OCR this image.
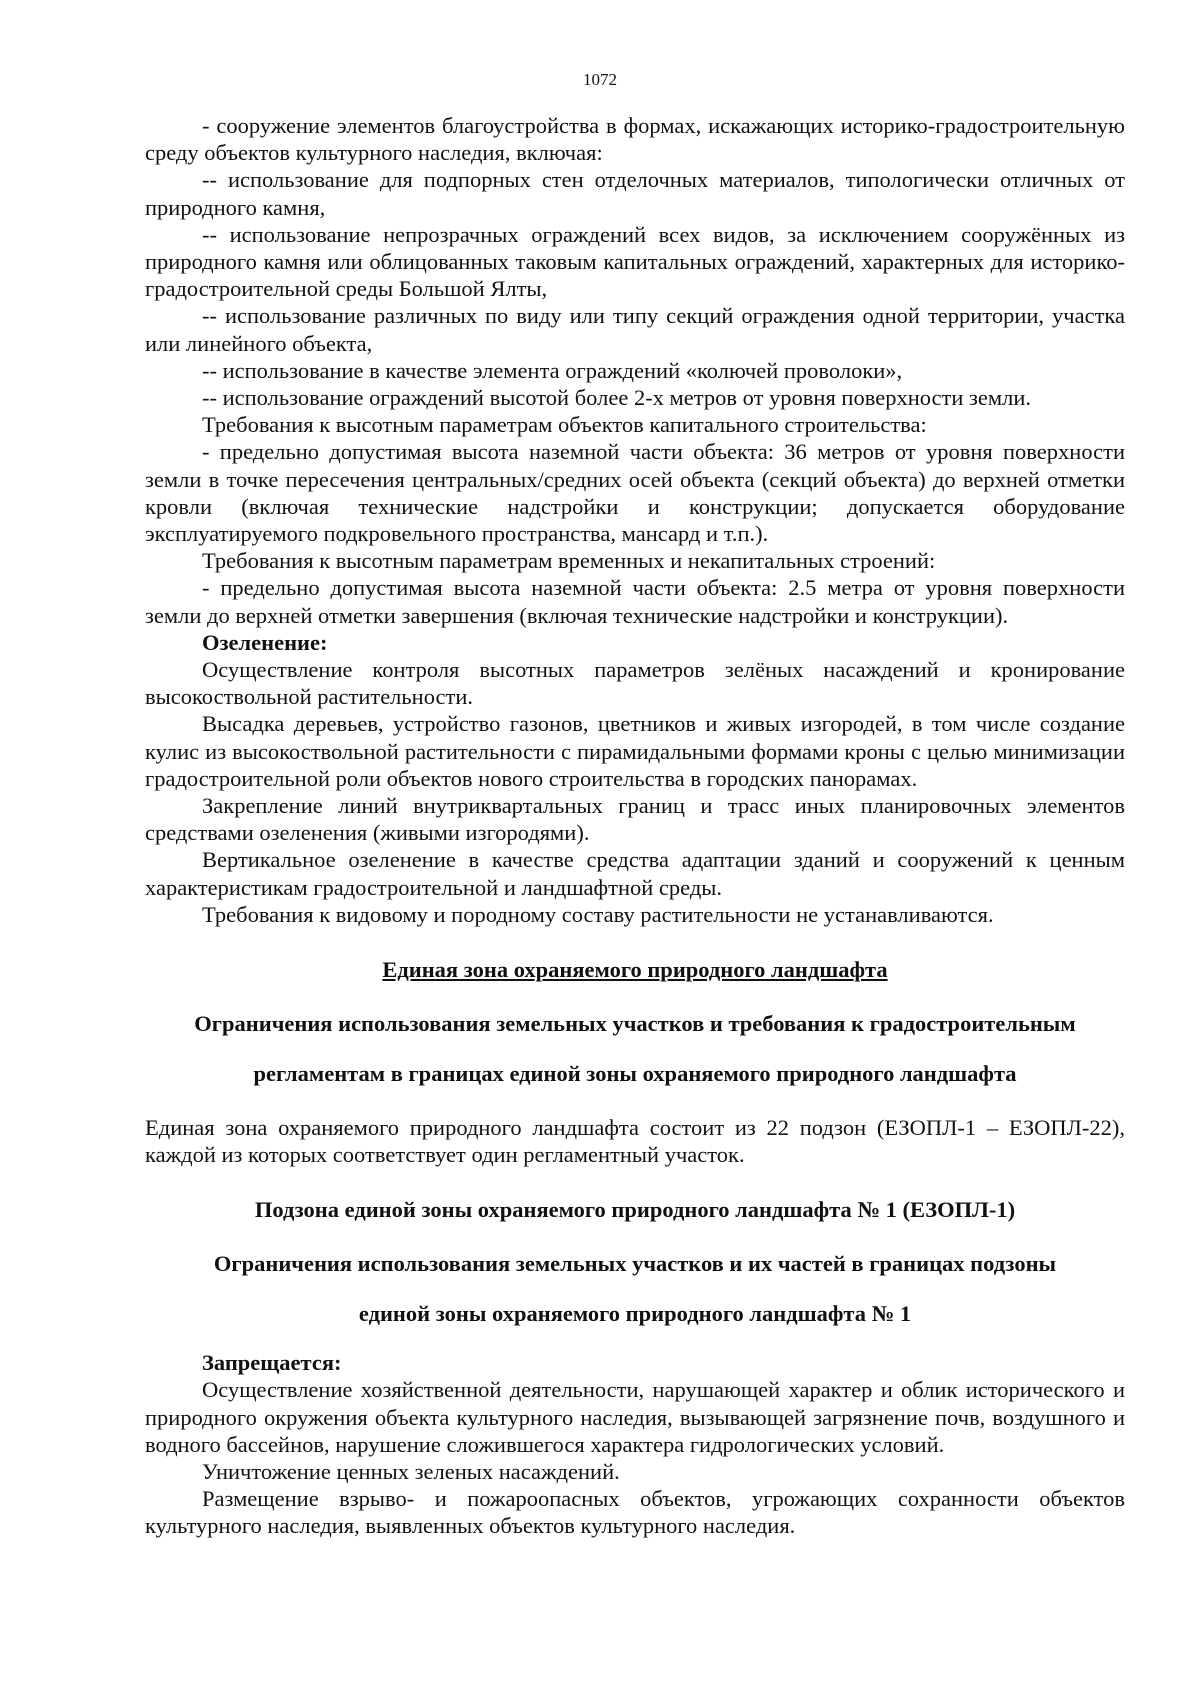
1072

- сооружение элементов благоустройства в формах, искажающих историко-градостроительную среду объектов культурного наследия, включая:

-- использование для подпорных стен отделочных материалов, типологически отличных от природного камня,

-- использование непрозрачных ограждений всех видов, за исключением сооружённых из природного камня или облицованных таковым капитальных ограждений, характерных для историко-градостроительной среды Большой Ялты,

-- использование различных по виду или типу секций ограждения одной территории, участка или линейного объекта,

-- использование в качестве элемента ограждений «колючей проволоки»,

-- использование ограждений высотой более 2-х метров от уровня поверхности земли.

Требования к высотным параметрам объектов капитального строительства:

- предельно допустимая высота наземной части объекта: 36 метров от уровня поверхности земли в точке пересечения центральных/средних осей объекта (секций объекта) до верхней отметки кровли (включая технические надстройки и конструкции; допускается оборудование эксплуатируемого подкровельного пространства, мансард и т.п.).

Требования к высотным параметрам временных и некапитальных строений:

- предельно допустимая высота наземной части объекта: 2.5 метра от уровня поверхности земли до верхней отметки завершения (включая технические надстройки и конструкции).

Озеленение:

Осуществление контроля высотных параметров зелёных насаждений и кронирование высокоствольной растительности.

Высадка деревьев, устройство газонов, цветников и живых изгородей, в том числе создание кулис из высокоствольной растительности с пирамидальными формами кроны с целью минимизации градостроительной роли объектов нового строительства в городских панорамах.

Закрепление линий внутриквартальных границ и трасс иных планировочных элементов средствами озеленения (живыми изгородями).

Вертикальное озеленение в качестве средства адаптации зданий и сооружений к ценным характеристикам градостроительной и ландшафтной среды.

Требования к видовому и породному составу растительности не устанавливаются.

Единая зона охраняемого природного ландшафта

Ограничения использования земельных участков и требования к градостроительным

регламентам в границах единой зоны охраняемого природного ландшафта

Единая зона охраняемого природного ландшафта состоит из 22 подзон (ЕЗОПЛ-1 – ЕЗОПЛ-22), каждой из которых соответствует один регламентный участок.

Подзона единой зоны охраняемого природного ландшафта № 1 (ЕЗОПЛ-1)

Ограничения использования земельных участков и их частей в границах подзоны

единой зоны охраняемого природного ландшафта № 1

Запрещается:

Осуществление хозяйственной деятельности, нарушающей характер и облик исторического и природного окружения объекта культурного наследия, вызывающей загрязнение почв, воздушного и водного бассейнов, нарушение сложившегося характера гидрологических условий.

Уничтожение ценных зеленых насаждений.

Размещение взрыво- и пожароопасных объектов, угрожающих сохранности объектов культурного наследия, выявленных объектов культурного наследия.
